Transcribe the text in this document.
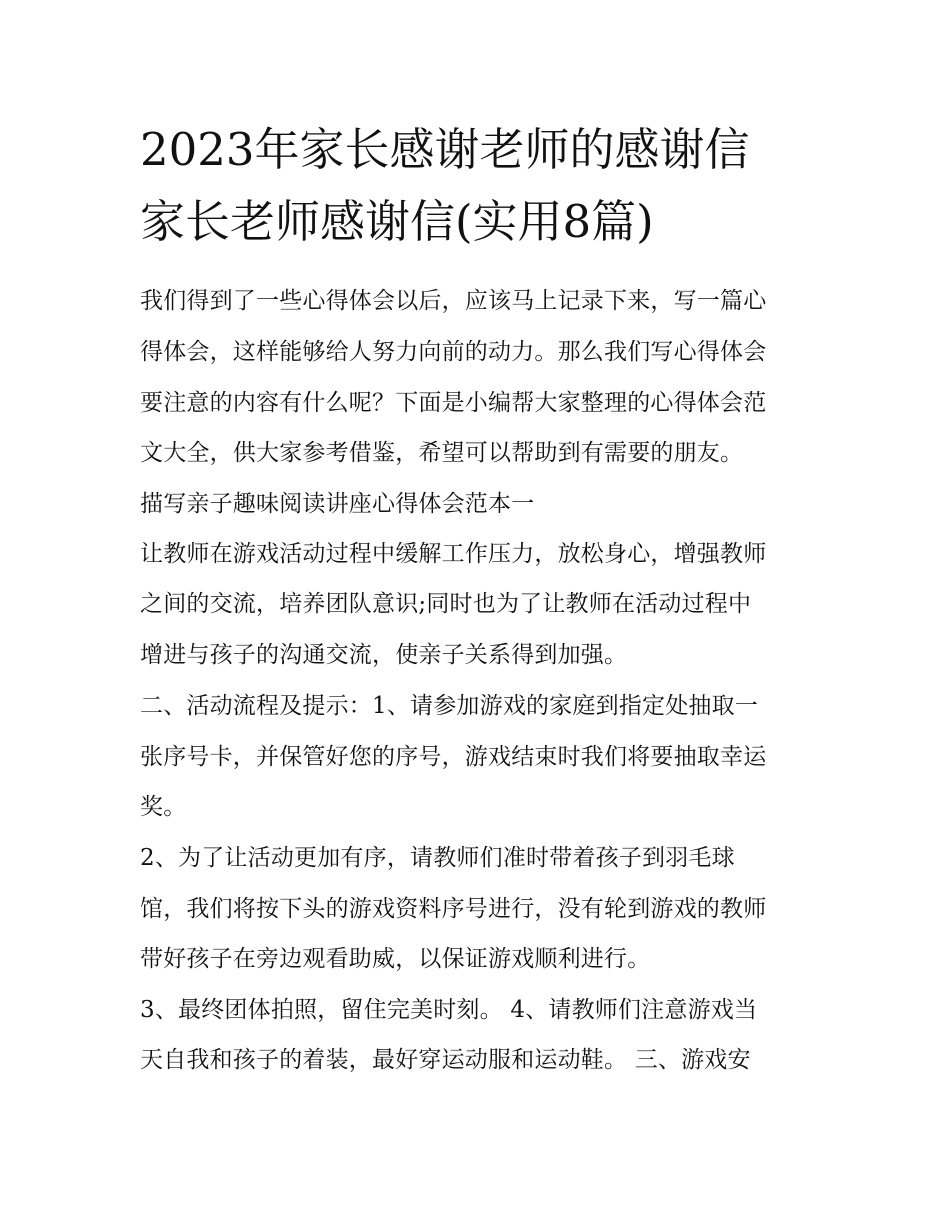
2023年家长感谢老师的感谢信
家长老师感谢信(实用8篇)
我们得到了一些心得体会以后，应该马上记录下来，写一篇心
得体会，这样能够给人努力向前的动力。那么我们写心得体会
要注意的内容有什么呢？下面是小编帮大家整理的心得体会范
文大全，供大家参考借鉴，希望可以帮助到有需要的朋友。
描写亲子趣味阅读讲座心得体会范本一
让教师在游戏活动过程中缓解工作压力，放松身心，增强教师
之间的交流，培养团队意识;同时也为了让教师在活动过程中
增进与孩子的沟通交流，使亲子关系得到加强。
二、活动流程及提示：1、请参加游戏的家庭到指定处抽取一
张序号卡，并保管好您的序号，游戏结束时我们将要抽取幸运
奖。
2、为了让活动更加有序，请教师们准时带着孩子到羽毛球
馆，我们将按下头的游戏资料序号进行，没有轮到游戏的教师
带好孩子在旁边观看助威，以保证游戏顺利进行。
3、最终团体拍照，留住完美时刻。 4、请教师们注意游戏当
天自我和孩子的着装，最好穿运动服和运动鞋。 三、游戏安
